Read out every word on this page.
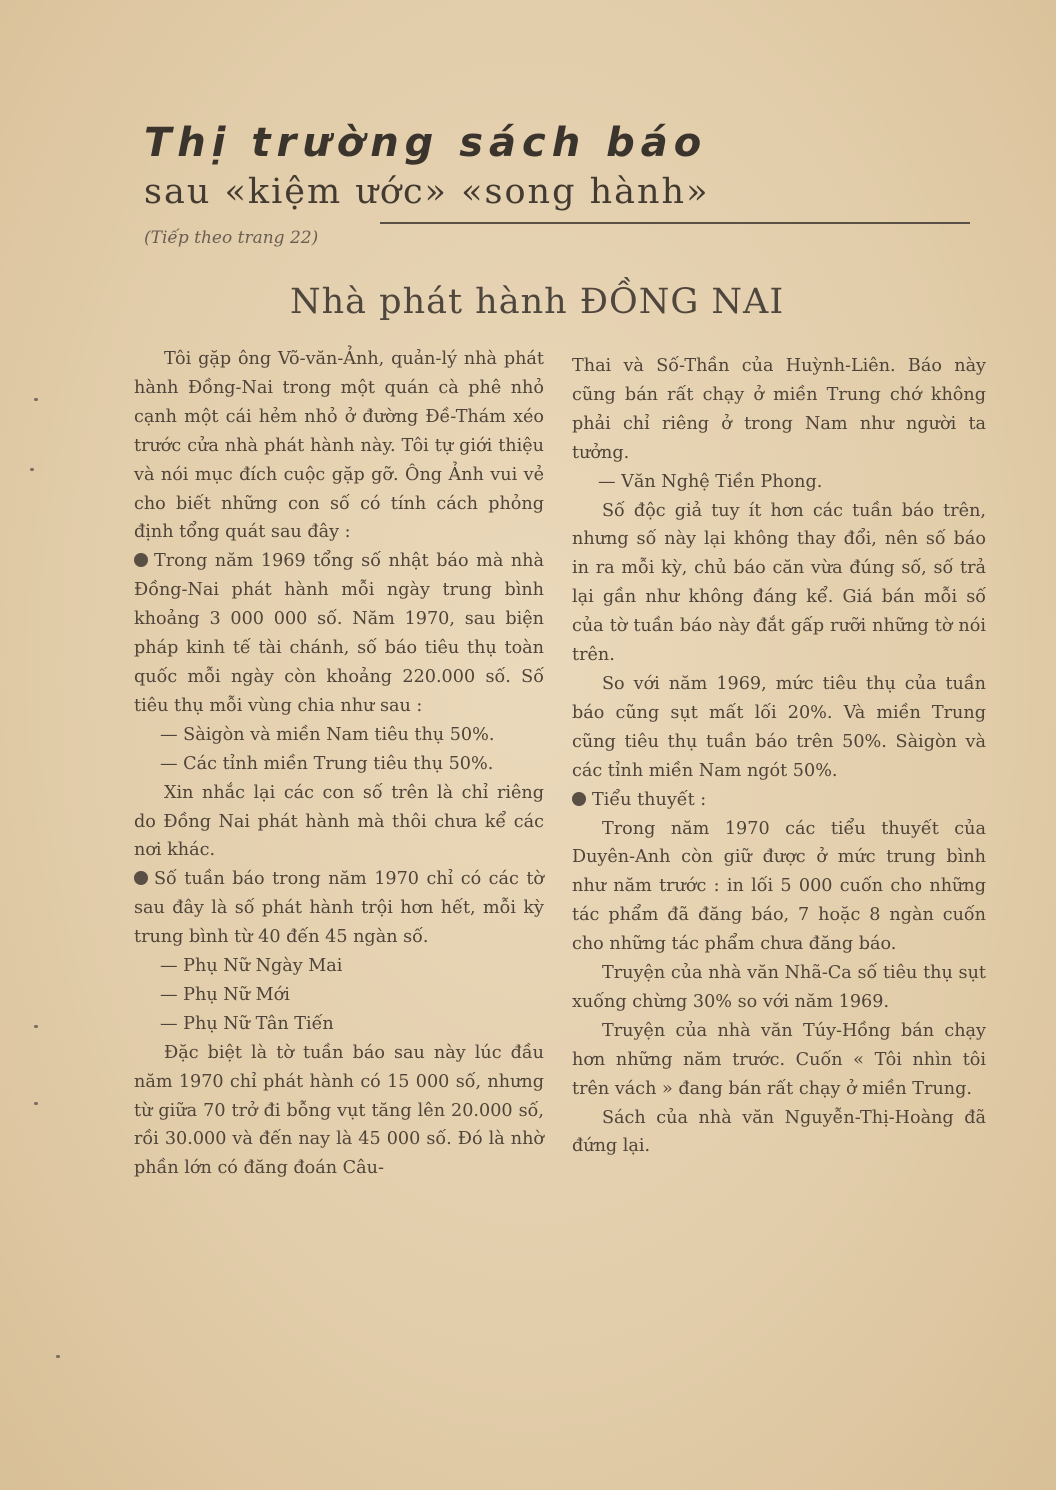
Thị trường sách báo
sau «kiệm ước» «song hành»
(Tiếp theo trang 22)
Nhà phát hành ĐỒNG NAI

Tôi gặp ông Võ-văn-Ảnh, quản-lý nhà phát hành Đồng-Nai trong một quán cà phê nhỏ cạnh một cái hẻm nhỏ ở đường Đề-Thám xéo trước cửa nhà phát hành này. Tôi tự giới thiệu và nói mục đích cuộc gặp gỡ. Ông Ảnh vui vẻ cho biết những con số có tính cách phỏng định tổng quát sau đây :

Trong năm 1969 tổng số nhật báo mà nhà Đồng-Nai phát hành mỗi ngày trung bình khoảng 3 000 000 số. Năm 1970, sau biện pháp kinh tế tài chánh, số báo tiêu thụ toàn quốc mỗi ngày còn khoảng 220.000 số. Số tiêu thụ mỗi vùng chia như sau :

— Sàigòn và miền Nam tiêu thụ 50%.

— Các tỉnh miền Trung tiêu thụ 50%.

Xin nhắc lại các con số trên là chỉ riêng do Đồng Nai phát hành mà thôi chưa kể các nơi khác.

Số tuần báo trong năm 1970 chỉ có các tờ sau đây là số phát hành trội hơn hết, mỗi kỳ trung bình từ 40 đến 45 ngàn số.

— Phụ Nữ Ngày Mai

— Phụ Nữ Mới

— Phụ Nữ Tân Tiến

Đặc biệt là tờ tuần báo sau này lúc đầu năm 1970 chỉ phát hành có 15 000 số, nhưng từ giữa 70 trở đi bỗng vụt tăng lên 20.000 số, rồi 30.000 và đến nay là 45 000 số. Đó là nhờ phần lớn có đăng đoán Câu-

Thai và Số-Thần của Huỳnh-Liên. Báo này cũng bán rất chạy ở miền Trung chớ không phải chỉ riêng ở trong Nam như người ta tưởng.

— Văn Nghệ Tiền Phong.

Số độc giả tuy ít hơn các tuần báo trên, nhưng số này lại không thay đổi, nên số báo in ra mỗi kỳ, chủ báo căn vừa đúng số, số trả lại gần như không đáng kể. Giá bán mỗi số của tờ tuần báo này đắt gấp rưỡi những tờ nói trên.

So với năm 1969, mức tiêu thụ của tuần báo cũng sụt mất lối 20%. Và miền Trung cũng tiêu thụ tuần báo trên 50%. Sàigòn và các tỉnh miền Nam ngót 50%.

Tiểu thuyết :

Trong năm 1970 các tiểu thuyết của Duyên-Anh còn giữ được ở mức trung bình như năm trước : in lối 5 000 cuốn cho những tác phẩm đã đăng báo, 7 hoặc 8 ngàn cuốn cho những tác phẩm chưa đăng báo.

Truyện của nhà văn Nhã-Ca số tiêu thụ sụt xuống chừng 30% so với năm 1969.

Truyện của nhà văn Túy-Hồng bán chạy hơn những năm trước. Cuốn « Tôi nhìn tôi trên vách » đang bán rất chạy ở miền Trung.

Sách của nhà văn Nguyễn-Thị-Hoàng đã đứng lại.
